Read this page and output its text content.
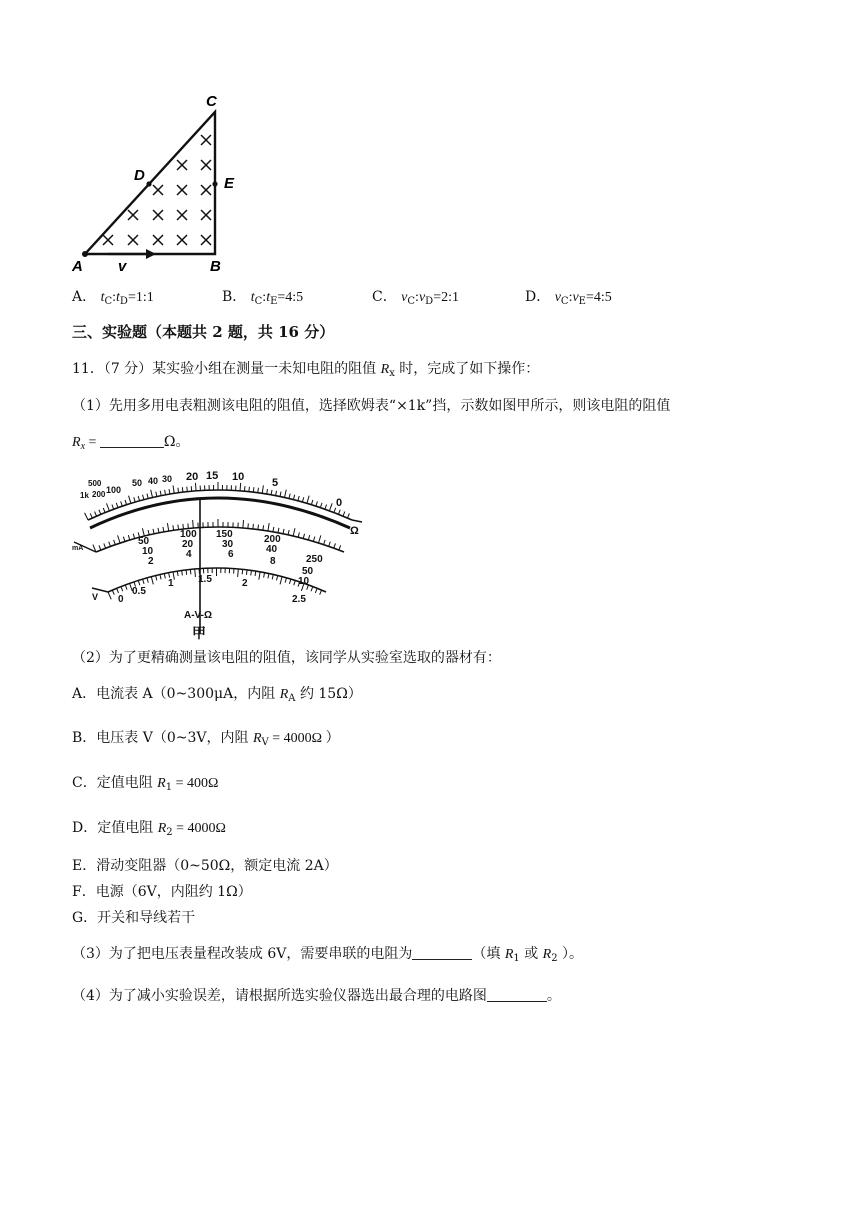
A v	B
C
D	E
A． $t_C:t_D=1:1$	B． $t_C:t_E=4:5$	C． $v_C:v_D=2:1$	D． $v_C:v_E=4:5$
三、实验题（本题共 2 题，共 16 分）
11．（7 分）某实验小组在测量一未知电阻的阻值 $R_x$ 时，完成了如下操作：
（1）先用多用电表粗测该电阻的阻值，选择欧姆表“×1k”挡，示数如图甲所示，则该电阻的阻值
$R_x$ =	Ω。
500
1k 200 100
50 40 30 20 15 10	5
0
Ω
50
100 150	200
250
10
20	30	40
50
2
4	6
8
10
mA
0
0.5
1 1.5	2
2.5
V
A-V-Ω
甲
（2）为了更精确测量该电阻的阻值，该同学从实验室选取的器材有：
A．电流表 A（0~300μA，内阻 $R_A$ 约 15Ω）
B．电压表 V（0~3V，内阻 $R_V = 4000\Omega$ ）
C．定值电阻 $R_1 = 400\Omega$
D．定值电阻 $R_2 = 4000\Omega$
E．滑动变阻器（0~50Ω，额定电流 2A）
F．电源（6V，内阻约 1Ω）
G．开关和导线若干
（3）为了把电压表量程改装成 6V，需要串联的电阻为	（填 $R_1$ 或 $R_2$ ）。
（4）为了减小实验误差，请根据所选实验仪器选出最合理的电路图	。
